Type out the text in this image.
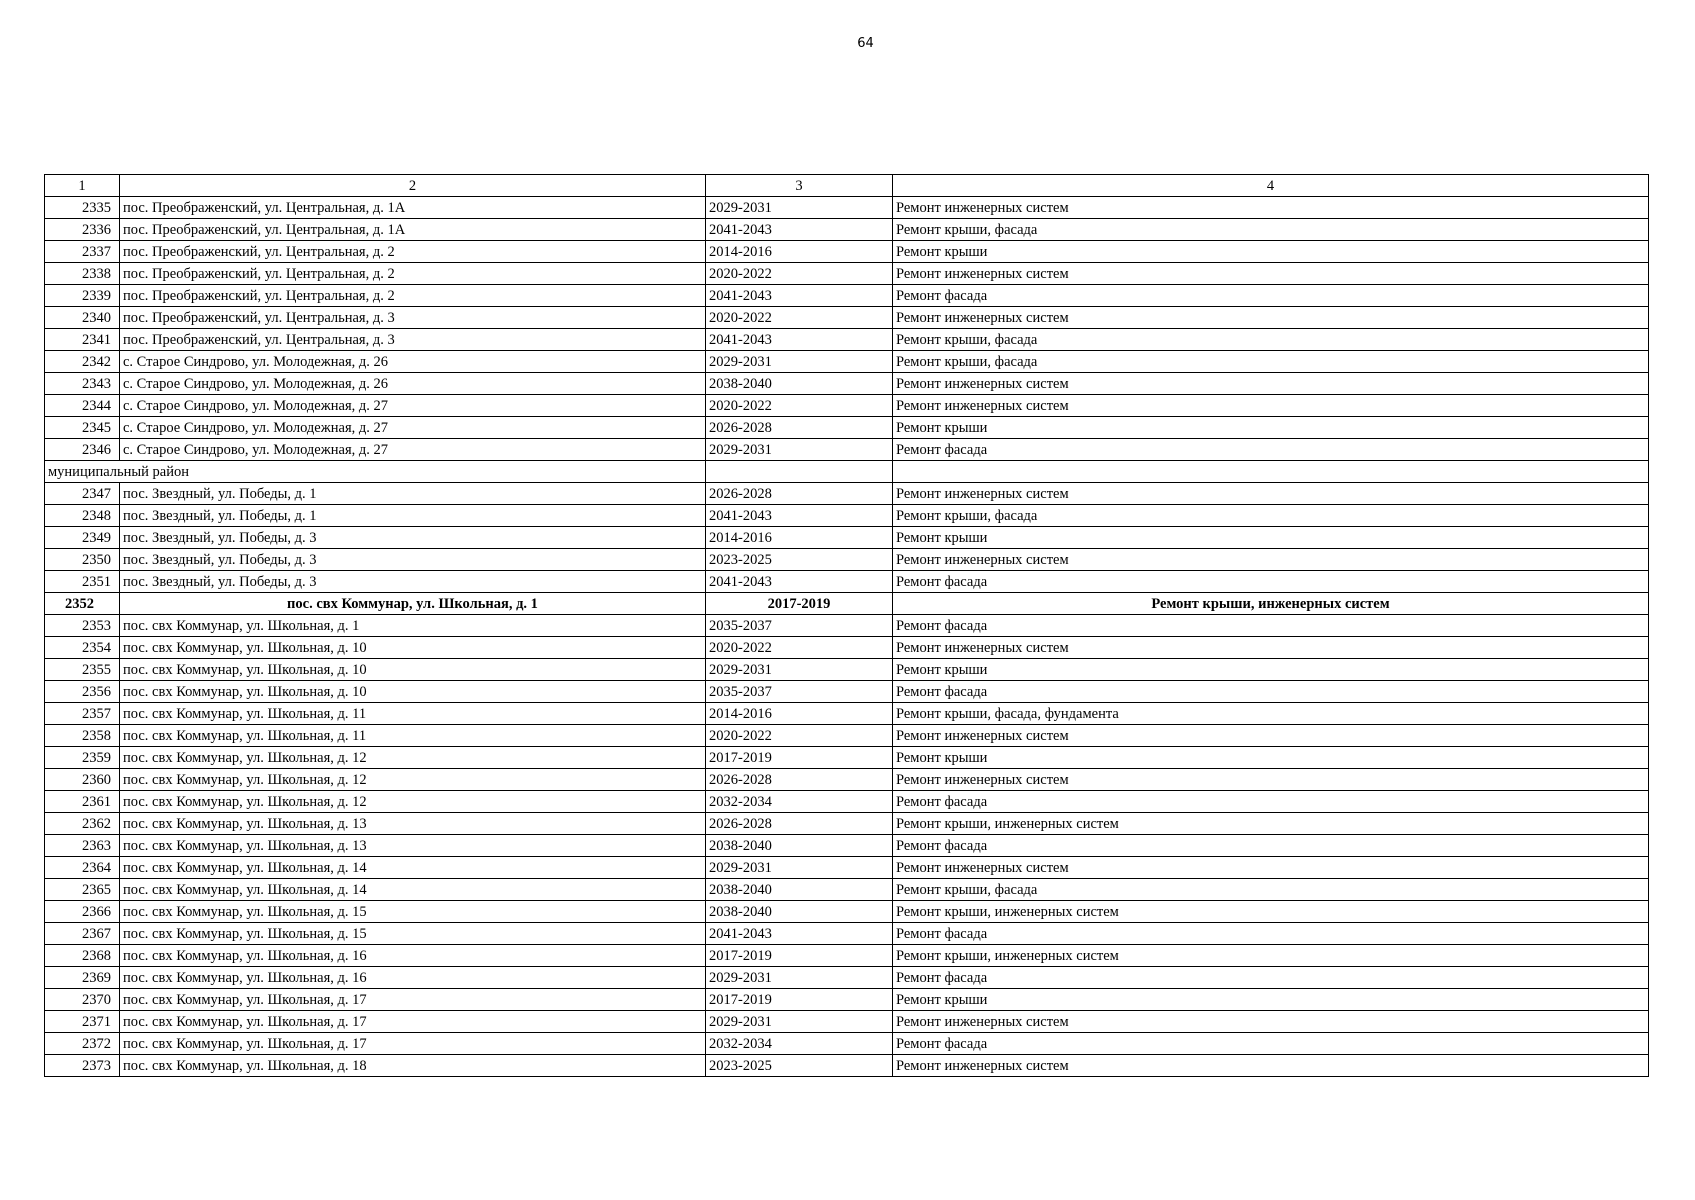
64
1	2	3	4
2335	пос. Преображенский, ул. Центральная, д. 1А	2029-2031	Ремонт инженерных систем
2336	пос. Преображенский, ул. Центральная, д. 1А	2041-2043	Ремонт крыши, фасада
2337	пос. Преображенский, ул. Центральная, д. 2	2014-2016	Ремонт крыши
2338	пос. Преображенский, ул. Центральная, д. 2	2020-2022	Ремонт инженерных систем
2339	пос. Преображенский, ул. Центральная, д. 2	2041-2043	Ремонт фасада
2340	пос. Преображенский, ул. Центральная, д. 3	2020-2022	Ремонт инженерных систем
2341	пос. Преображенский, ул. Центральная, д. 3	2041-2043	Ремонт крыши, фасада
2342	с. Старое Синдрово, ул. Молодежная, д. 26	2029-2031	Ремонт крыши, фасада
2343	с. Старое Синдрово, ул. Молодежная, д. 26	2038-2040	Ремонт инженерных систем
2344	с. Старое Синдрово, ул. Молодежная, д. 27	2020-2022	Ремонт инженерных систем
2345	с. Старое Синдрово, ул. Молодежная, д. 27	2026-2028	Ремонт крыши
2346	с. Старое Синдрово, ул. Молодежная, д. 27	2029-2031	Ремонт фасада
муниципальный район			
2347	пос. Звездный, ул. Победы, д. 1	2026-2028	Ремонт инженерных систем
2348	пос. Звездный, ул. Победы, д. 1	2041-2043	Ремонт крыши, фасада
2349	пос. Звездный, ул. Победы, д. 3	2014-2016	Ремонт крыши
2350	пос. Звездный, ул. Победы, д. 3	2023-2025	Ремонт инженерных систем
2351	пос. Звездный, ул. Победы, д. 3	2041-2043	Ремонт фасада
2352	пос. свх Коммунар, ул. Школьная, д. 1	2017-2019	Ремонт крыши, инженерных систем
2353	пос. свх Коммунар, ул. Школьная, д. 1	2035-2037	Ремонт фасада
2354	пос. свх Коммунар, ул. Школьная, д. 10	2020-2022	Ремонт инженерных систем
2355	пос. свх Коммунар, ул. Школьная, д. 10	2029-2031	Ремонт крыши
2356	пос. свх Коммунар, ул. Школьная, д. 10	2035-2037	Ремонт фасада
2357	пос. свх Коммунар, ул. Школьная, д. 11	2014-2016	Ремонт крыши, фасада, фундамента
2358	пос. свх Коммунар, ул. Школьная, д. 11	2020-2022	Ремонт инженерных систем
2359	пос. свх Коммунар, ул. Школьная, д. 12	2017-2019	Ремонт крыши
2360	пос. свх Коммунар, ул. Школьная, д. 12	2026-2028	Ремонт инженерных систем
2361	пос. свх Коммунар, ул. Школьная, д. 12	2032-2034	Ремонт фасада
2362	пос. свх Коммунар, ул. Школьная, д. 13	2026-2028	Ремонт крыши, инженерных систем
2363	пос. свх Коммунар, ул. Школьная, д. 13	2038-2040	Ремонт фасада
2364	пос. свх Коммунар, ул. Школьная, д. 14	2029-2031	Ремонт инженерных систем
2365	пос. свх Коммунар, ул. Школьная, д. 14	2038-2040	Ремонт крыши, фасада
2366	пос. свх Коммунар, ул. Школьная, д. 15	2038-2040	Ремонт крыши, инженерных систем
2367	пос. свх Коммунар, ул. Школьная, д. 15	2041-2043	Ремонт фасада
2368	пос. свх Коммунар, ул. Школьная, д. 16	2017-2019	Ремонт крыши, инженерных систем
2369	пос. свх Коммунар, ул. Школьная, д. 16	2029-2031	Ремонт фасада
2370	пос. свх Коммунар, ул. Школьная, д. 17	2017-2019	Ремонт крыши
2371	пос. свх Коммунар, ул. Школьная, д. 17	2029-2031	Ремонт инженерных систем
2372	пос. свх Коммунар, ул. Школьная, д. 17	2032-2034	Ремонт фасада
2373	пос. свх Коммунар, ул. Школьная, д. 18	2023-2025	Ремонт инженерных систем
